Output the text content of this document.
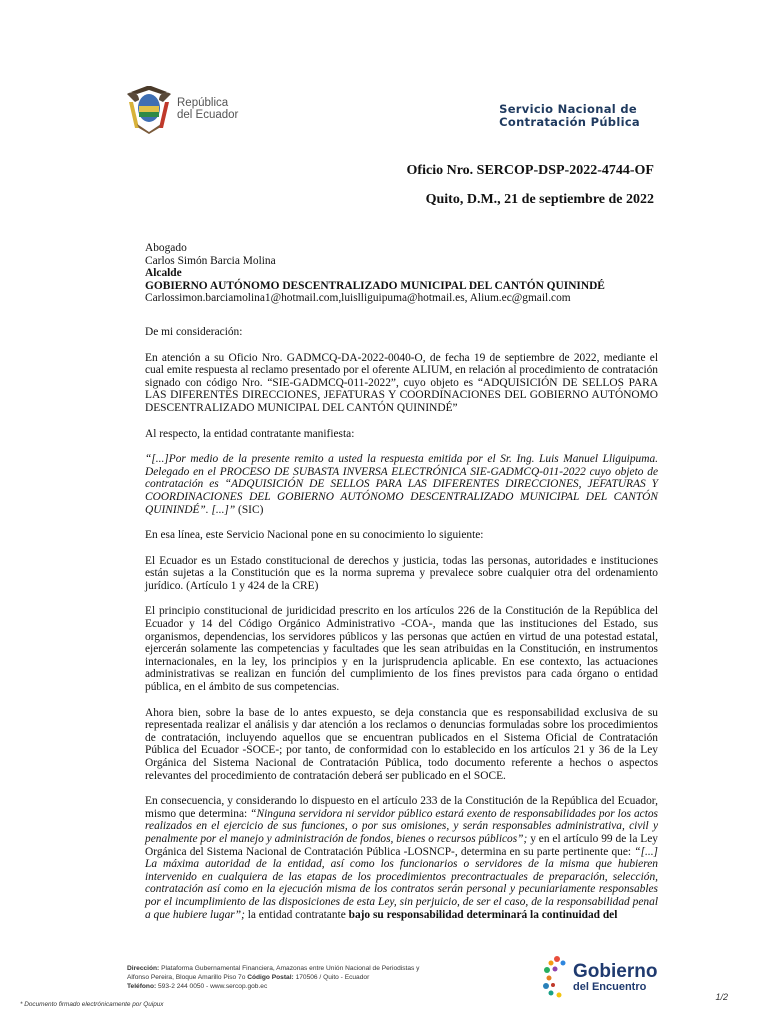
República
del Ecuador	Servicio Nacional de
Contratación Pública
Oficio Nro. SERCOP-DSP-2022-4744-OF
Quito, D.M., 21 de septiembre de 2022

Abogado
Carlos Simón Barcia Molina
Alcalde
GOBIERNO AUTÓNOMO DESCENTRALIZADO MUNICIPAL DEL CANTÓN QUININDÉ
Carlossimon.barciamolina1@hotmail.com,luislliguipuma@hotmail.es, Alium.ec@gmail.com

De mi consideración:

En atención a su Oficio Nro. GADMCQ-DA-2022-0040-O, de fecha 19 de septiembre de 2022, mediante el cual emite respuesta al reclamo presentado por el oferente ALIUM, en relación al procedimiento de contratación signado con código Nro. “SIE-GADMCQ-011-2022”, cuyo objeto es “ADQUISICIÓN DE SELLOS PARA LAS DIFERENTES DIRECCIONES, JEFATURAS Y COORDINACIONES DEL GOBIERNO AUTÓNOMO DESCENTRALIZADO MUNICIPAL DEL CANTÓN QUININDÉ”

Al respecto, la entidad contratante manifiesta:

“[...]Por medio de la presente remito a usted la respuesta emitida por el Sr. Ing. Luis Manuel Lliguipuma. Delegado en el PROCESO DE SUBASTA INVERSA ELECTRÓNICA SIE-GADMCQ-011-2022 cuyo objeto de contratación es “ADQUISICIÓN DE SELLOS PARA LAS DIFERENTES DIRECCIONES, JEFATURAS Y COORDINACIONES DEL GOBIERNO AUTÓNOMO DESCENTRALIZADO MUNICIPAL DEL CANTÓN QUININDÉ”. [...]” (SIC)

En esa línea, este Servicio Nacional pone en su conocimiento lo siguiente:

El Ecuador es un Estado constitucional de derechos y justicia, todas las personas, autoridades e instituciones están sujetas a la Constitución que es la norma suprema y prevalece sobre cualquier otra del ordenamiento jurídico. (Artículo 1 y 424 de la CRE)

El principio constitucional de juridicidad prescrito en los artículos 226 de la Constitución de la República del Ecuador y 14 del Código Orgánico Administrativo -COA-, manda que las instituciones del Estado, sus organismos, dependencias, los servidores públicos y las personas que actúen en virtud de una potestad estatal, ejercerán solamente las competencias y facultades que les sean atribuidas en la Constitución, en instrumentos internacionales, en la ley, los principios y en la jurisprudencia aplicable. En ese contexto, las actuaciones administrativas se realizan en función del cumplimiento de los fines previstos para cada órgano o entidad pública, en el ámbito de sus competencias.

Ahora bien, sobre la base de lo antes expuesto, se deja constancia que es responsabilidad exclusiva de su representada realizar el análisis y dar atención a los reclamos o denuncias formuladas sobre los procedimientos de contratación, incluyendo aquellos que se encuentran publicados en el Sistema Oficial de Contratación Pública del Ecuador -SOCE-; por tanto, de conformidad con lo establecido en los artículos 21 y 36 de la Ley Orgánica del Sistema Nacional de Contratación Pública, todo documento referente a hechos o aspectos relevantes del procedimiento de contratación deberá ser publicado en el SOCE.

En consecuencia, y considerando lo dispuesto en el artículo 233 de la Constitución de la República del Ecuador, mismo que determina: “Ninguna servidora ni servidor público estará exento de responsabilidades por los actos realizados en el ejercicio de sus funciones, o por sus omisiones, y serán responsables administrativa, civil y penalmente por el manejo y administración de fondos, bienes o recursos públicos”; y en el artículo 99 de la Ley Orgánica del Sistema Nacional de Contratación Pública -LOSNCP-, determina en su parte pertinente que: “[...] La máxima autoridad de la entidad, así como los funcionarios o servidores de la misma que hubieren intervenido en cualquiera de las etapas de los procedimientos precontractuales de preparación, selección, contratación así como en la ejecución misma de los contratos serán personal y pecuniariamente responsables por el incumplimiento de las disposiciones de esta Ley, sin perjuicio, de ser el caso, de la responsabilidad penal a que hubiere lugar”; la entidad contratante bajo su responsabilidad determinará la continuidad del

Dirección: Plataforma Gubernamental Financiera, Amazonas entre Unión Nacional de Periodistas y
Alfonso Pereira, Bloque Amarillo Piso 7o Código Postal: 170506 / Quito - Ecuador
Teléfono: 593-2 244 0050 - www.sercop.gob.ec
Gobierno
del Encuentro
1/2
* Documento firmado electrónicamente por Quipux
